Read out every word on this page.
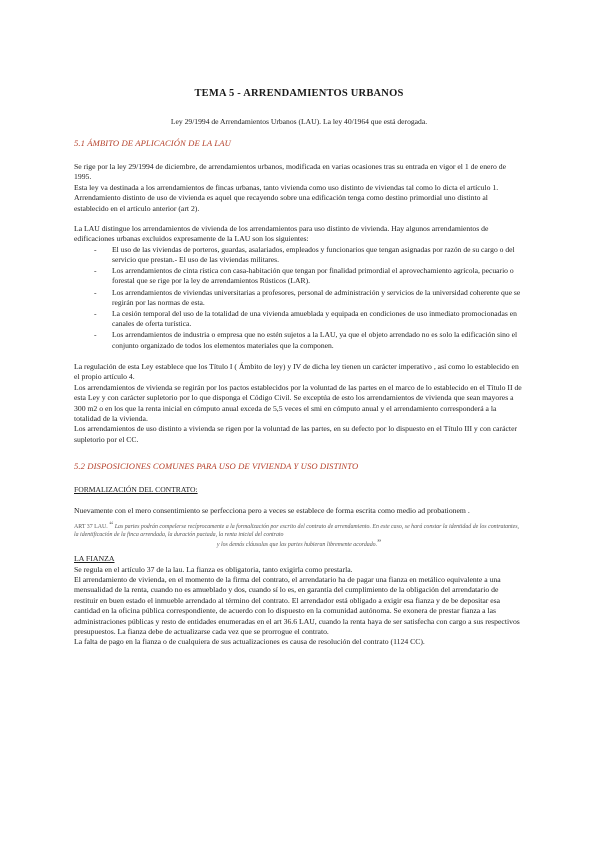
TEMA 5 - ARRENDAMIENTOS URBANOS
Ley 29/1994 de Arrendamientos Urbanos (LAU). La ley 40/1964 que está derogada.
5.1 ÁMBITO DE APLICACIÓN DE LA LAU

Se rige por la ley 29/1994 de diciembre, de arrendamientos urbanos, modificada en varias ocasiones tras su entrada en vigor el 1 de enero de 1995.

Esta ley va destinada a los arrendamientos de fincas urbanas, tanto vivienda como uso distinto de viviendas tal como lo dicta el artículo 1. Arrendamiento distinto de uso de vivienda es aquel que recayendo sobre una edificación tenga como destino primordial uno distinto al establecido en el artículo anterior (art 2).

La LAU distingue los arrendamientos de vivienda de los arrendamientos para uso distinto de vivienda. Hay algunos arrendamientos de edificaciones urbanas excluidos expresamente de la LAU son los siguientes:

- El uso de las viviendas de porteros, guardas, asalariados, empleados y funcionarios que tengan asignadas por razón de su cargo o del servicio que prestan.- El uso de las viviendas militares.
- Los arrendamientos de cinta rística con casa-habitación que tengan por finalidad primordial el aprovechamiento agrícola, pecuario o forestal que se rige por la ley de arrendamientos Rústicos (LAR).
- Los arrendamientos de viviendas universitarias a profesores, personal de administración y servicios de la universidad coherente que se regirán por las normas de esta.
- La cesión temporal del uso de la totalidad de una vivienda amueblada y equipada en condiciones de uso inmediato promocionadas en canales de oferta turística.
- Los arrendamientos de industria o empresa que no estén sujetos a la LAU, ya que el objeto arrendado no es solo la edificación sino el conjunto organizado de todos los elementos materiales que la componen.

La regulación de esta Ley establece que los Título I ( Ámbito de ley) y IV de dicha ley tienen un carácter imperativo , así como lo establecido en el propio artículo 4.

Los arrendamientos de vivienda se regirán por los pactos establecidos por la voluntad de las partes en el marco de lo establecido en el Título II de esta Ley y con carácter supletorio por lo que disponga el Código Civil. Se exceptúa de esto los arrendamientos de vivienda que sean mayores a 300 m2 o en los que la renta inicial en cómputo anual exceda de 5,5 veces el smi en cómputo anual y el arrendamiento corresponderá a la totalidad de la vivienda.

Los arrendamientos de uso distinto a vivienda se rigen por la voluntad de las partes, en su defecto por lo dispuesto en el Título III y con carácter supletorio por el CC.

5.2 DISPOSICIONES COMUNES PARA USO DE VIVIENDA Y USO DISTINTO
FORMALIZACIÓN DEL CONTRATO:

Nuevamente con el mero consentimiento se perfecciona pero a veces se establece de forma escrita como medio ad probationem .

ART 37 LAU. “ Las partes podrán compelerse recíprocamente a la formalización por escrito del contrato de arrendamiento. En este caso, se hará constar la identidad de los contratantes, la identificación de la finca arrendada, la duración pactada, la renta inicial del contrato
y los demás cláusulas que las partes hubieran libremente acordado.”
LA FIANZA

Se regula en el artículo 37 de la lau. La fianza es obligatoria, tanto exigirla como prestarla.

El arrendamiento de vivienda, en el momento de la firma del contrato, el arrendatario ha de pagar una fianza en metálico equivalente a una mensualidad de la renta, cuando no es amueblado y dos, cuando sí lo es, en garantía del cumplimiento de la obligación del arrendatario de restituir en buen estado el inmueble arrendado al término del contrato. El arrendador está obligado a exigir esa fianza y de be depositar esa cantidad en la oficina pública correspondiente, de acuerdo con lo dispuesto en la comunidad autónoma. Se exonera de prestar fianza a las administraciones públicas y resto de entidades enumeradas en el art 36.6 LAU, cuando la renta haya de ser satisfecha con cargo a sus respectivos presupuestos. La fianza debe de actualizarse cada vez que se prorrogue el contrato.

La falta de pago en la fianza o de cualquiera de sus actualizaciones es causa de resolución del contrato (1124 CC).
